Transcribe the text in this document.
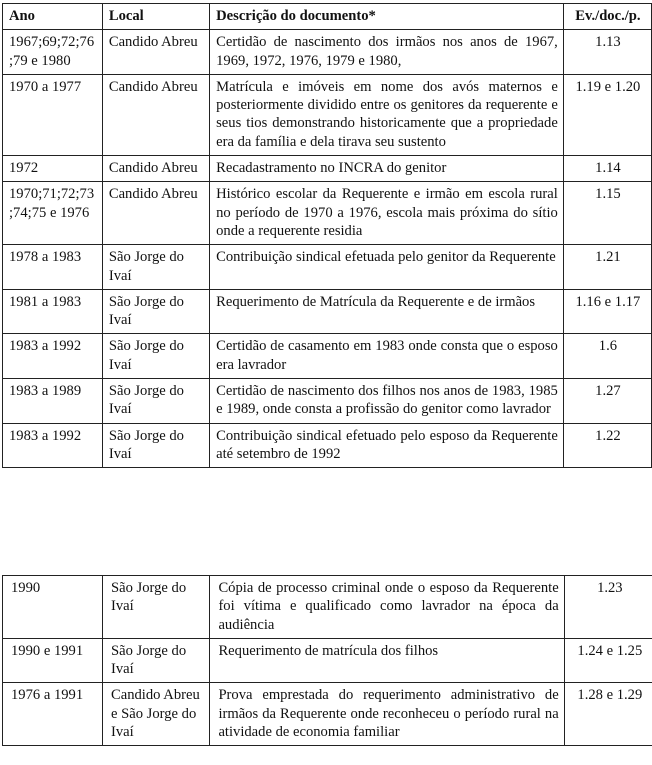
Ano	Local	Descrição do documento*	Ev./doc./p.
1967;69;72;76;79 e 1980	Candido Abreu	Certidão de nascimento dos irmãos nos anos de 1967, 1969, 1972, 1976, 1979 e 1980,	1.13
1970 a 1977	Candido Abreu	Matrícula e imóveis em nome dos avós maternos e posteriormente dividido entre os genitores da requerente e seus tios demonstrando historicamente que a propriedade era da família e dela tirava seu sustento	1.19 e 1.20
1972	Candido Abreu	Recadastramento no INCRA do genitor	1.14
1970;71;72;73;74;75 e 1976	Candido Abreu	Histórico escolar da Requerente e irmão em escola rural no período de 1970 a 1976, escola mais próxima do sítio onde a requerente residia	1.15
1978 a 1983	São Jorge do Ivaí	Contribuição sindical efetuada pelo genitor da Requerente	1.21
1981 a 1983	São Jorge do Ivaí	Requerimento de Matrícula da Requerente e de irmãos	1.16 e 1.17
1983 a 1992	São Jorge do Ivaí	Certidão de casamento em 1983 onde consta que o esposo era lavrador	1.6
1983 a 1989	São Jorge do Ivaí	Certidão de nascimento dos filhos nos anos de 1983, 1985 e 1989, onde consta a profissão do genitor como lavrador	1.27
1983 a 1992	São Jorge do Ivaí	Contribuição sindical efetuado pelo esposo da Requerente até setembro de 1992	1.22
1990	São Jorge do Ivaí	Cópia de processo criminal onde o esposo da Requerente foi vítima e qualificado como lavrador na época da audiência	1.23
1990 e 1991	São Jorge do Ivaí	Requerimento de matrícula dos filhos	1.24 e 1.25
1976 a 1991	Candido Abreu e São Jorge do Ivaí	Prova emprestada do requerimento administrativo de irmãos da Requerente onde reconheceu o período rural na atividade de economia familiar	1.28 e 1.29
